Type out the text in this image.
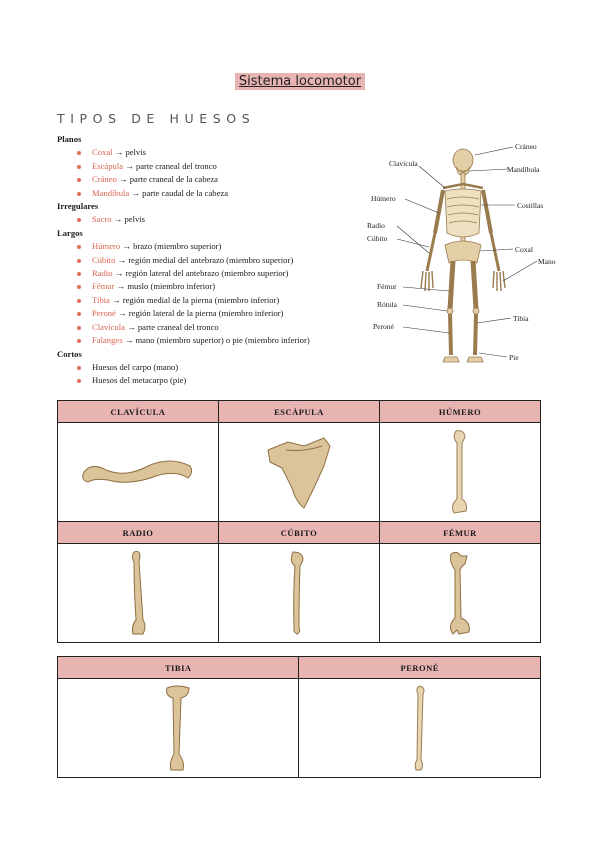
Sistema locomotor
TIPOS DE HUESOS
Planos
Coxal → pelvis
Escápula → parte craneal del tronco
Cráneo → parte craneal de la cabeza
Mandíbula → parte caudal de la cabeza
Irregulares
Sacro → pelvis
Largos
Húmero → brazo (miembro superior)
Cúbito → región medial del antebrazo (miembro superior)
Radio → región lateral del antebrazo (miembro superior)
Fémur → muslo (miembro inferior)
Tibia → región medial de la pierna (miembro inferior)
Peroné → región lateral de la pierna (miembro inferior)
Clavícula → parte craneal del tronco
Falanges → mano (miembro superior) o pie (miembro inferior)
Cortos
Huesos del carpo (mano)
Huesos del metacarpo (pie)
Cráneo
Mandíbula
Clavícula
Húmero
Costillas
Radio
Cúbito
Coxal
Mano
Fémur
Rótula
Peroné
Tibia
Pie
CLAVÍCULA	ESCÁPULA	HÚMERO

RADIO	CÚBITO	FÉMUR

TIBIA	PERONÉ
